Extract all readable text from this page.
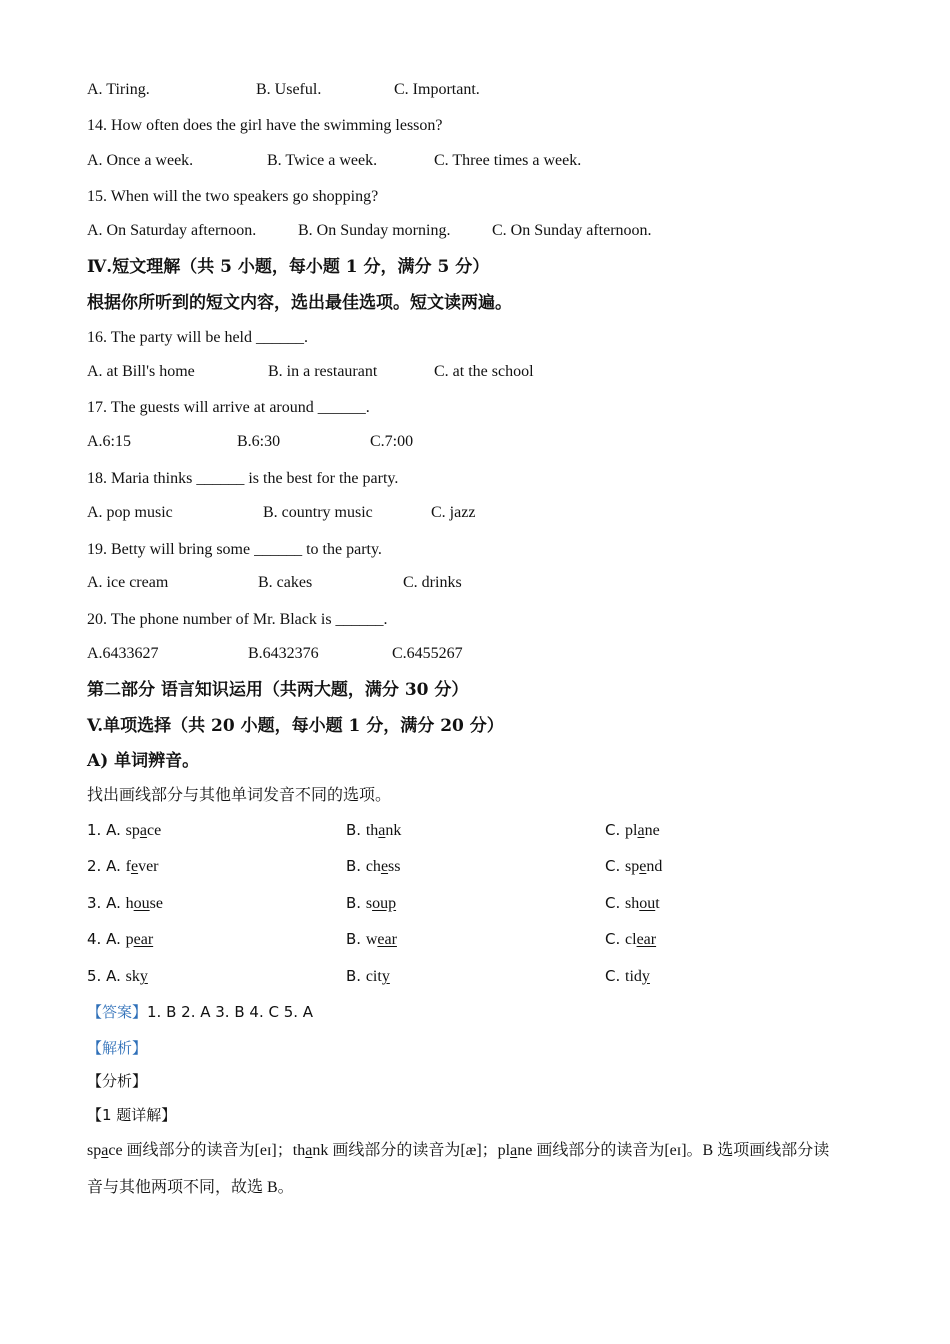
A. Tiring.	B. Useful.	C. Important.
14. How often does the girl have the swimming lesson?
A. Once a week.	B. Twice a week.	C. Three times a week.
15. When will the two speakers go shopping?
A. On Saturday afternoon.	B. On Sunday morning.	C. On Sunday afternoon.
Ⅳ.短文理解（共 5 小题，每小题 1 分，满分 5 分）
根据你所听到的短文内容，选出最佳选项。短文读两遍。
16. The party will be held ______.
A. at Bill's home	B. in a restaurant	C. at the school
17. The guests will arrive at around ______.
A.6:15	B.6:30	C.7:00
18. Maria thinks ______ is the best for the party.
A. pop music	B. country music	C. jazz
19. Betty will bring some ______ to the party.
A. ice cream	B. cakes	C. drinks
20. The phone number of Mr. Black is ______.
A.6433627	B.6432376	C.6455267
第二部分 语言知识运用（共两大题，满分 30 分）
V.单项选择（共 20 小题，每小题 1 分，满分 20 分）
A) 单词辨音。
找出画线部分与其他单词发音不同的选项。
1. A. space	B. thank	C. plane
2. A. fever	B. chess	C. spend
3. A. house	B. soup	C. shout
4. A. pear	B. wear	C. clear
5. A. sky	B. city	C. tidy
【答案】1. B 2. A 3. B 4. C 5. A
【解析】
【分析】
【1 题详解】
space 画线部分的读音为[eɪ]；thank 画线部分的读音为[æ]；plane 画线部分的读音为[eɪ]。B 选项画线部分读
音与其他两项不同，故选 B。
